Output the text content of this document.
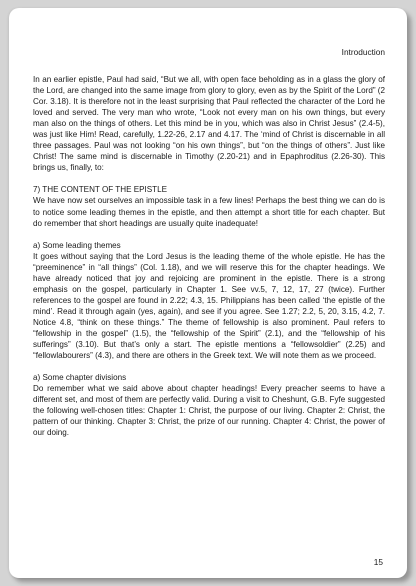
Introduction

In an earlier epistle, Paul had said, “But we all, with open face beholding as in a glass the glory of the Lord, are changed into the same image from glory to glory, even as by the Spirit of the Lord” (2 Cor. 3.18). It is therefore not in the least surprising that Paul reflected the character of the Lord he loved and served. The very man who wrote, “Look not every man on his own things, but every man also on the things of others. Let this mind be in you, which was also in Christ Jesus” (2.4-5), was just like Him! Read, carefully, 1.22-26, 2.17 and 4.17. The ‘mind of Christ is discernable in all three passages. Paul was not looking “on his own things”, but “on the things of others”. Just like Christ! The same mind is discernable in Timothy (2.20-21) and in Epaphroditus (2.26-30). This brings us, finally, to:

7) THE CONTENT OF THE EPISTLE

We have now set ourselves an impossible task in a few lines! Perhaps the best thing we can do is to notice some leading themes in the epistle, and then attempt a short title for each chapter. But do remember that short headings are usually quite inadequate!

a) Some leading themes

It goes without saying that the Lord Jesus is the leading theme of the whole epistle. He has the “preeminence” in “all things” (Col. 1.18), and we will reserve this for the chapter headings. We have already noticed that joy and rejoicing are prominent in the epistle. There is a strong emphasis on the gospel, particularly in Chapter 1. See vv.5, 7, 12, 17, 27 (twice). Further references to the gospel are found in 2.22; 4.3, 15. Philippians has been called ‘the epistle of the mind’. Read it through again (yes, again), and see if you agree. See 1.27; 2.2, 5, 20, 3.15, 4.2, 7. Notice 4.8, “think on these things.” The theme of fellowship is also prominent. Paul refers to “fellowship in the gospel” (1.5), the “fellowship of the Spirit” (2.1), and the “fellowship of his sufferings” (3.10). But that’s only a start. The epistle mentions a “fellowsoldier” (2.25) and “fellowlabourers” (4.3), and there are others in the Greek text. We will note them as we proceed.

a) Some chapter divisions

Do remember what we said above about chapter headings! Every preacher seems to have a different set, and most of them are perfectly valid. During a visit to Cheshunt, G.B. Fyfe suggested the following well-chosen titles: Chapter 1: Christ, the purpose of our living. Chapter 2: Christ, the pattern of our thinking. Chapter 3: Christ, the prize of our running. Chapter 4: Christ, the power of our doing.

15
